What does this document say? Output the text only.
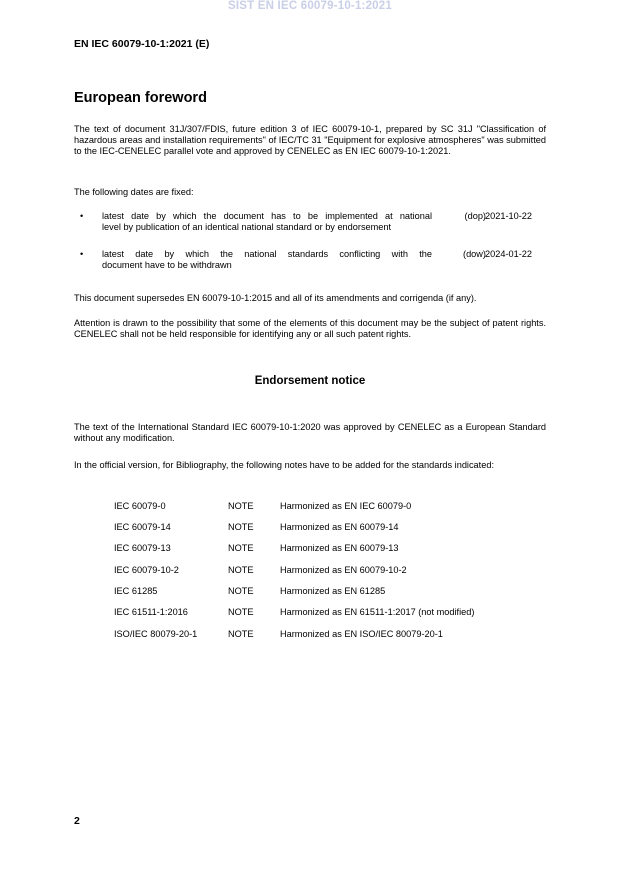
SIST EN IEC 60079-10-1:2021
EN IEC 60079-10-1:2021 (E)
European foreword

The text of document 31J/307/FDIS, future edition 3 of IEC 60079-10-1, prepared by SC 31J "Classification of hazardous areas and installation requirements" of IEC/TC 31 "Equipment for explosive atmospheres" was submitted to the IEC-CENELEC parallel vote and approved by CENELEC as EN IEC 60079-10-1:2021.

The following dates are fixed:

• latest date by which the document has to be implemented at national
level by publication of an identical national standard or by endorsement
(dop) 2021-10-22
• latest date by which the national standards conflicting with the
document have to be withdrawn
(dow) 2024-01-22

This document supersedes EN 60079-10-1:2015 and all of its amendments and corrigenda (if any).

Attention is drawn to the possibility that some of the elements of this document may be the subject of patent rights. CENELEC shall not be held responsible for identifying any or all such patent rights.

Endorsement notice

The text of the International Standard IEC 60079-10-1:2020 was approved by CENELEC as a European Standard without any modification.

In the official version, for Bibliography, the following notes have to be added for the standards indicated:

IEC 60079-0	NOTE	Harmonized as EN IEC 60079-0
IEC 60079-14	NOTE	Harmonized as EN 60079-14
IEC 60079-13	NOTE	Harmonized as EN 60079-13
IEC 60079-10-2	NOTE	Harmonized as EN 60079-10-2
IEC 61285	NOTE	Harmonized as EN 61285
IEC 61511-1:2016	NOTE	Harmonized as EN 61511-1:2017 (not modified)
ISO/IEC 80079-20-1	NOTE	Harmonized as EN ISO/IEC 80079-20-1
2
